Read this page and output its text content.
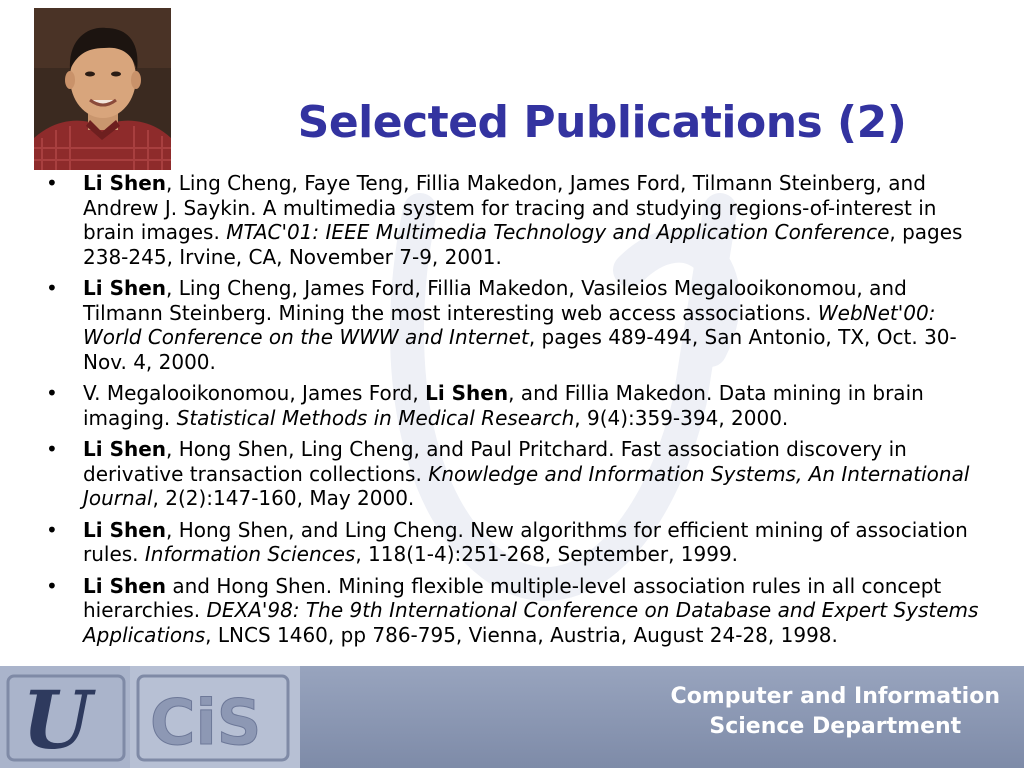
Selected Publications (2)
• Li Shen, Ling Cheng, Faye Teng, Fillia Makedon, James Ford, Tilmann Steinberg, and Andrew J. Saykin. A multimedia system for tracing and studying regions-of-interest in brain images. MTAC'01: IEEE Multimedia Technology and Application Conference, pages 238-245, Irvine, CA, November 7-9, 2001.
• Li Shen, Ling Cheng, James Ford, Fillia Makedon, Vasileios Megalooikonomou, and Tilmann Steinberg. Mining the most interesting web access associations. WebNet'00: World Conference on the WWW and Internet, pages 489-494, San Antonio, TX, Oct. 30-Nov. 4, 2000.
• V. Megalooikonomou, James Ford, Li Shen, and Fillia Makedon. Data mining in brain imaging. Statistical Methods in Medical Research, 9(4):359-394, 2000.
• Li Shen, Hong Shen, Ling Cheng, and Paul Pritchard. Fast association discovery in derivative transaction collections. Knowledge and Information Systems, An International Journal, 2(2):147-160, May 2000.
• Li Shen, Hong Shen, and Ling Cheng. New algorithms for efficient mining of association rules. Information Sciences, 118(1-4):251-268, September, 1999.
• Li Shen and Hong Shen. Mining flexible multiple-level association rules in all concept hierarchies. DEXA'98: The 9th International Conference on Database and Expert Systems Applications, LNCS 1460, pp 786-795, Vienna, Austria, August 24-28, 1998.
U CiS	Computer and Information
Science Department
